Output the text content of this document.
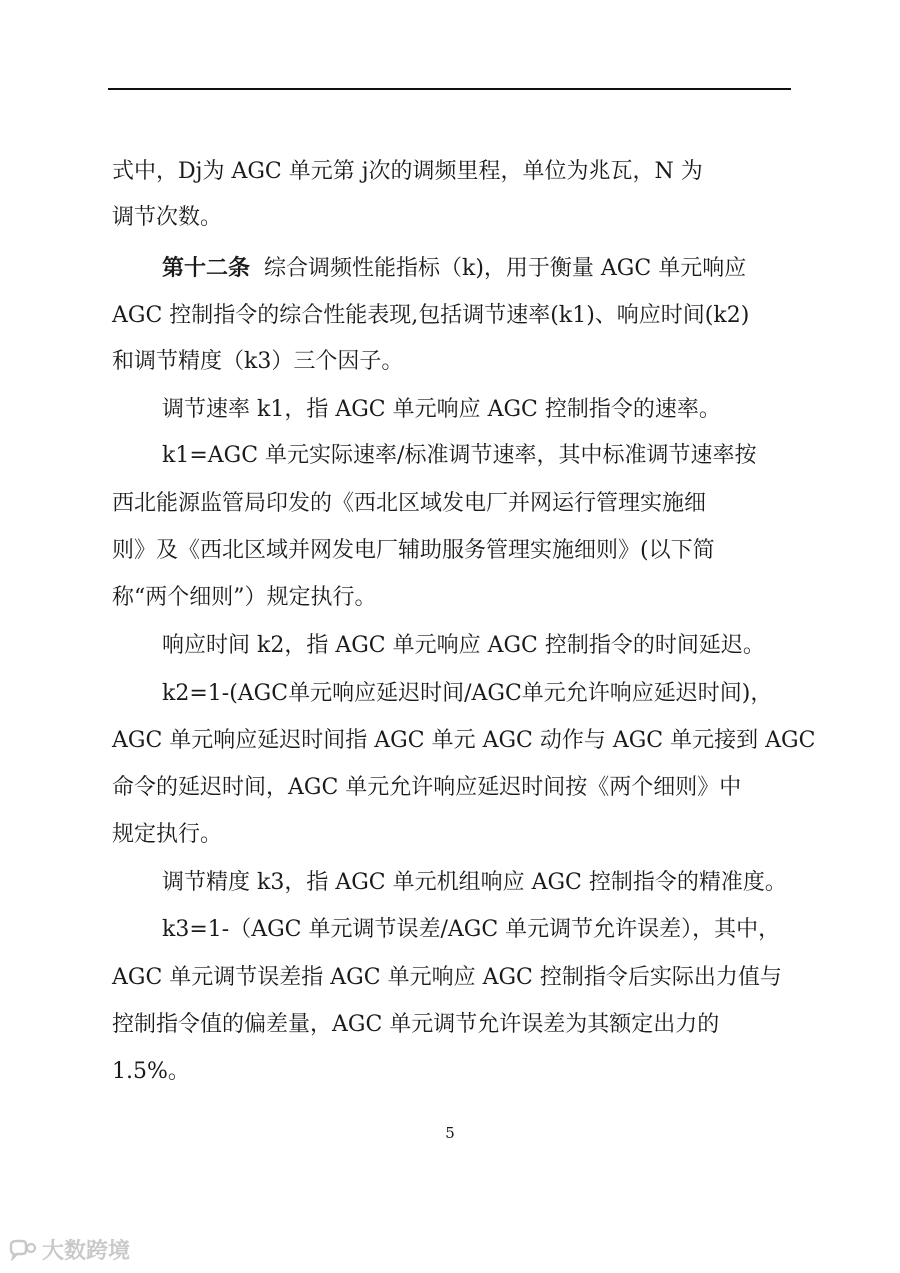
式中，Dj为 AGC 单元第 j次的调频里程，单位为兆瓦，N 为
调节次数。
第十二条 综合调频性能指标（k)，用于衡量 AGC 单元响应
AGC 控制指令的综合性能表现,包括调节速率(k1)、响应时间(k2)
和调节精度（k3）三个因子。
调节速率 k1，指 AGC 单元响应 AGC 控制指令的速率。
k1=AGC 单元实际速率/标准调节速率，其中标准调节速率按
西北能源监管局印发的《西北区域发电厂并网运行管理实施细
则》及《西北区域并网发电厂辅助服务管理实施细则》(以下简
称“两个细则”）规定执行。
响应时间 k2，指 AGC 单元响应 AGC 控制指令的时间延迟。
k2=1-(AGC单元响应延迟时间/AGC单元允许响应延迟时间)，
AGC 单元响应延迟时间指 AGC 单元 AGC 动作与 AGC 单元接到 AGC
命令的延迟时间，AGC 单元允许响应延迟时间按《两个细则》中
规定执行。
调节精度 k3，指 AGC 单元机组响应 AGC 控制指令的精准度。
k3=1-（AGC 单元调节误差/AGC 单元调节允许误差），其中，
AGC 单元调节误差指 AGC 单元响应 AGC 控制指令后实际出力值与
控制指令值的偏差量，AGC 单元调节允许误差为其额定出力的
1.5%。
5
大数跨境
